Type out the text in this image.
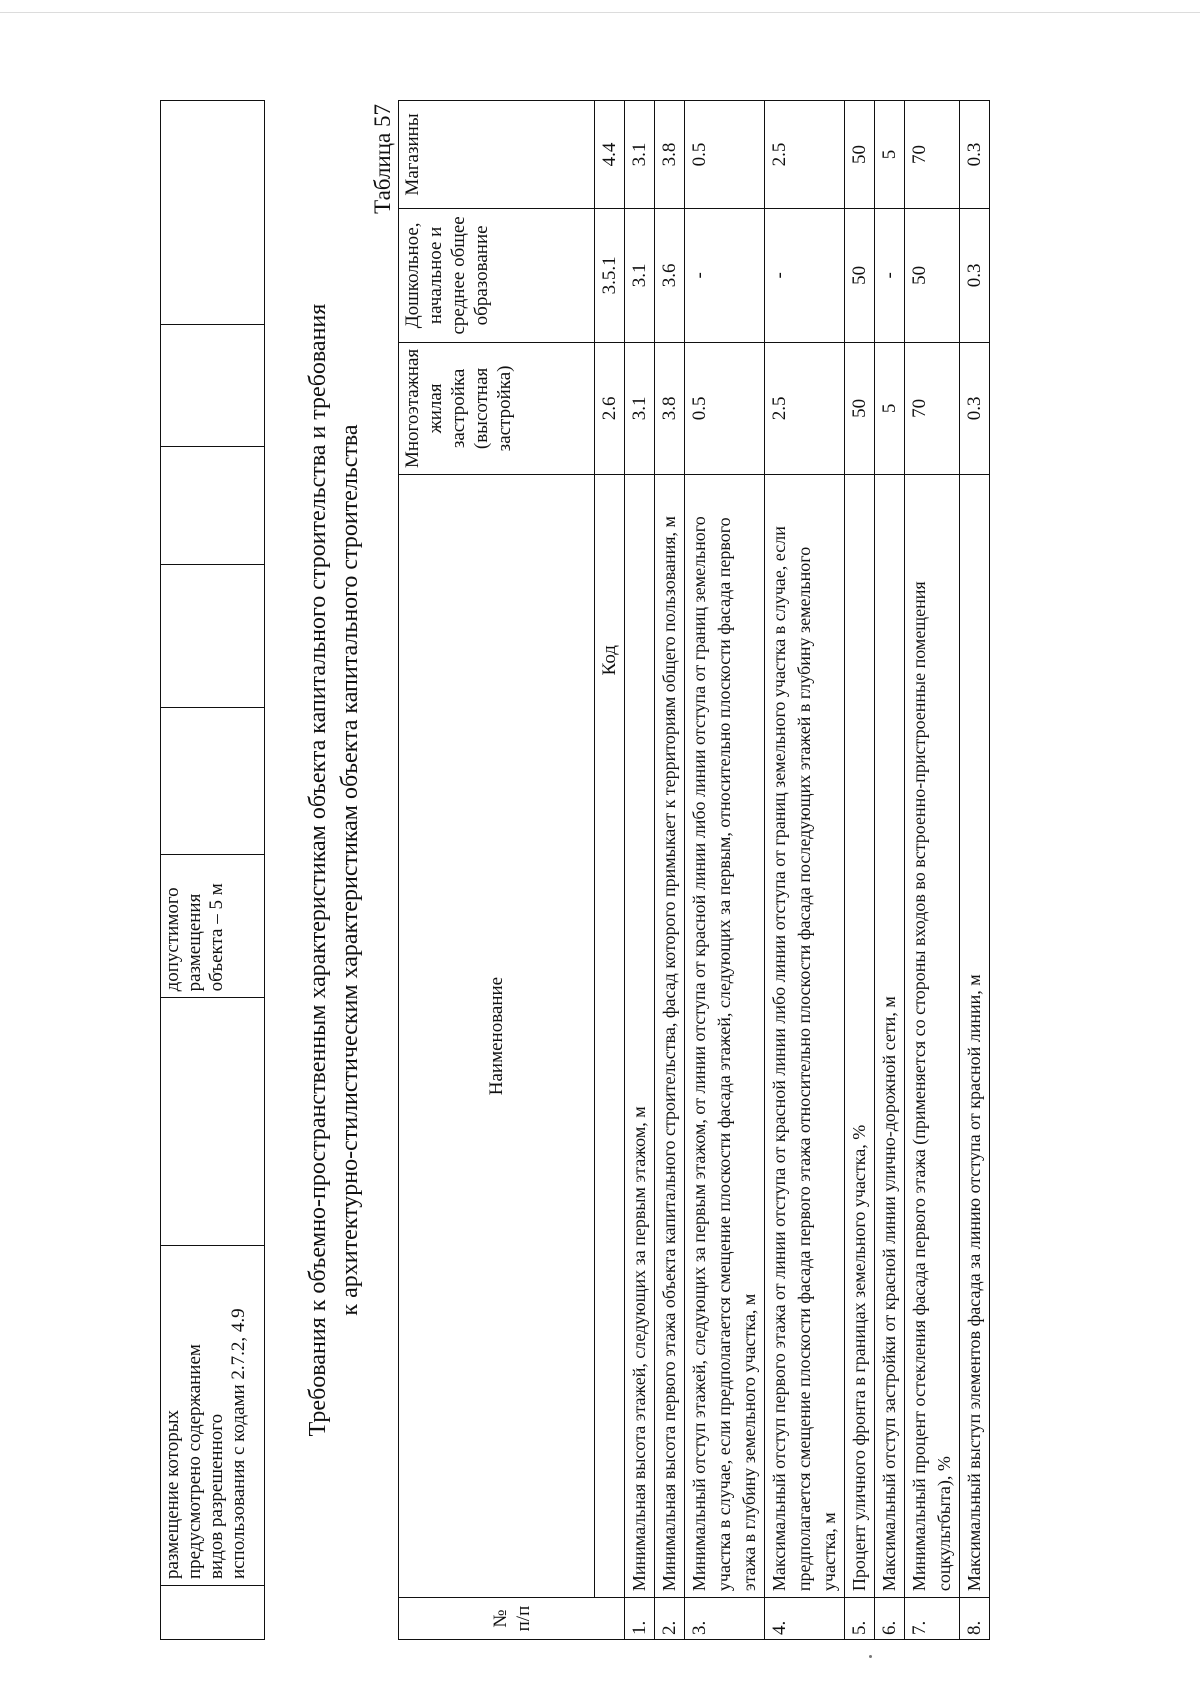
размещение которых предусмотрено содержанием видов разрешенного использования с кодами 2.7.2, 4.9

допустимого размещения объекта – 5 м
						Требования к объемно-пространственным характеристикам объекта капитального строительства и требования к архитектурно-стилистическим характеристикам объекта капитального строительства

Таблица 57

№ п/п	Наименование	Многоэтажная жилая застройка (высотная застройка)	Дошкольное, начальное и среднее общее образование	Магазины
	Код	2.6	3.5.1	4.4
1.	Минимальная высота этажей, следующих за первым этажом, м	3.1	3.1	3.1
2.	Минимальная высота первого этажа объекта капитального строительства, фасад которого примыкает к территориям общего пользования, м	3.8	3.6	3.8
3.	Минимальный отступ этажей, следующих за первым этажом, от линии отступа от красной линии либо линии отступа от границ земельного участка в случае, если предполагается смещение плоскости фасада этажей, следующих за первым, относительно плоскости фасада первого этажа в глубину земельного участка, м	0.5	-	0.5
4.	Максимальный отступ первого этажа от линии отступа от красной линии либо линии отступа от границ земельного участка в случае, если предполагается смещение плоскости фасада первого этажа относительно плоскости фасада последующих этажей в глубину земельного участка, м	2.5	-	2.5
5.	Процент уличного фронта в границах земельного участка, %	50	50	50
6.	Максимальный отступ застройки от красной линии улично-дорожной сети, м	5	-	5
7.	Минимальный процент остекления фасада первого этажа (применяется со стороны входов во встроенно-пристроенные помещения соцкультбыта), %	70	50	70
8.	Максимальный выступ элементов фасада за линию отступа от красной линии, м	0.3	0.3	0.3
